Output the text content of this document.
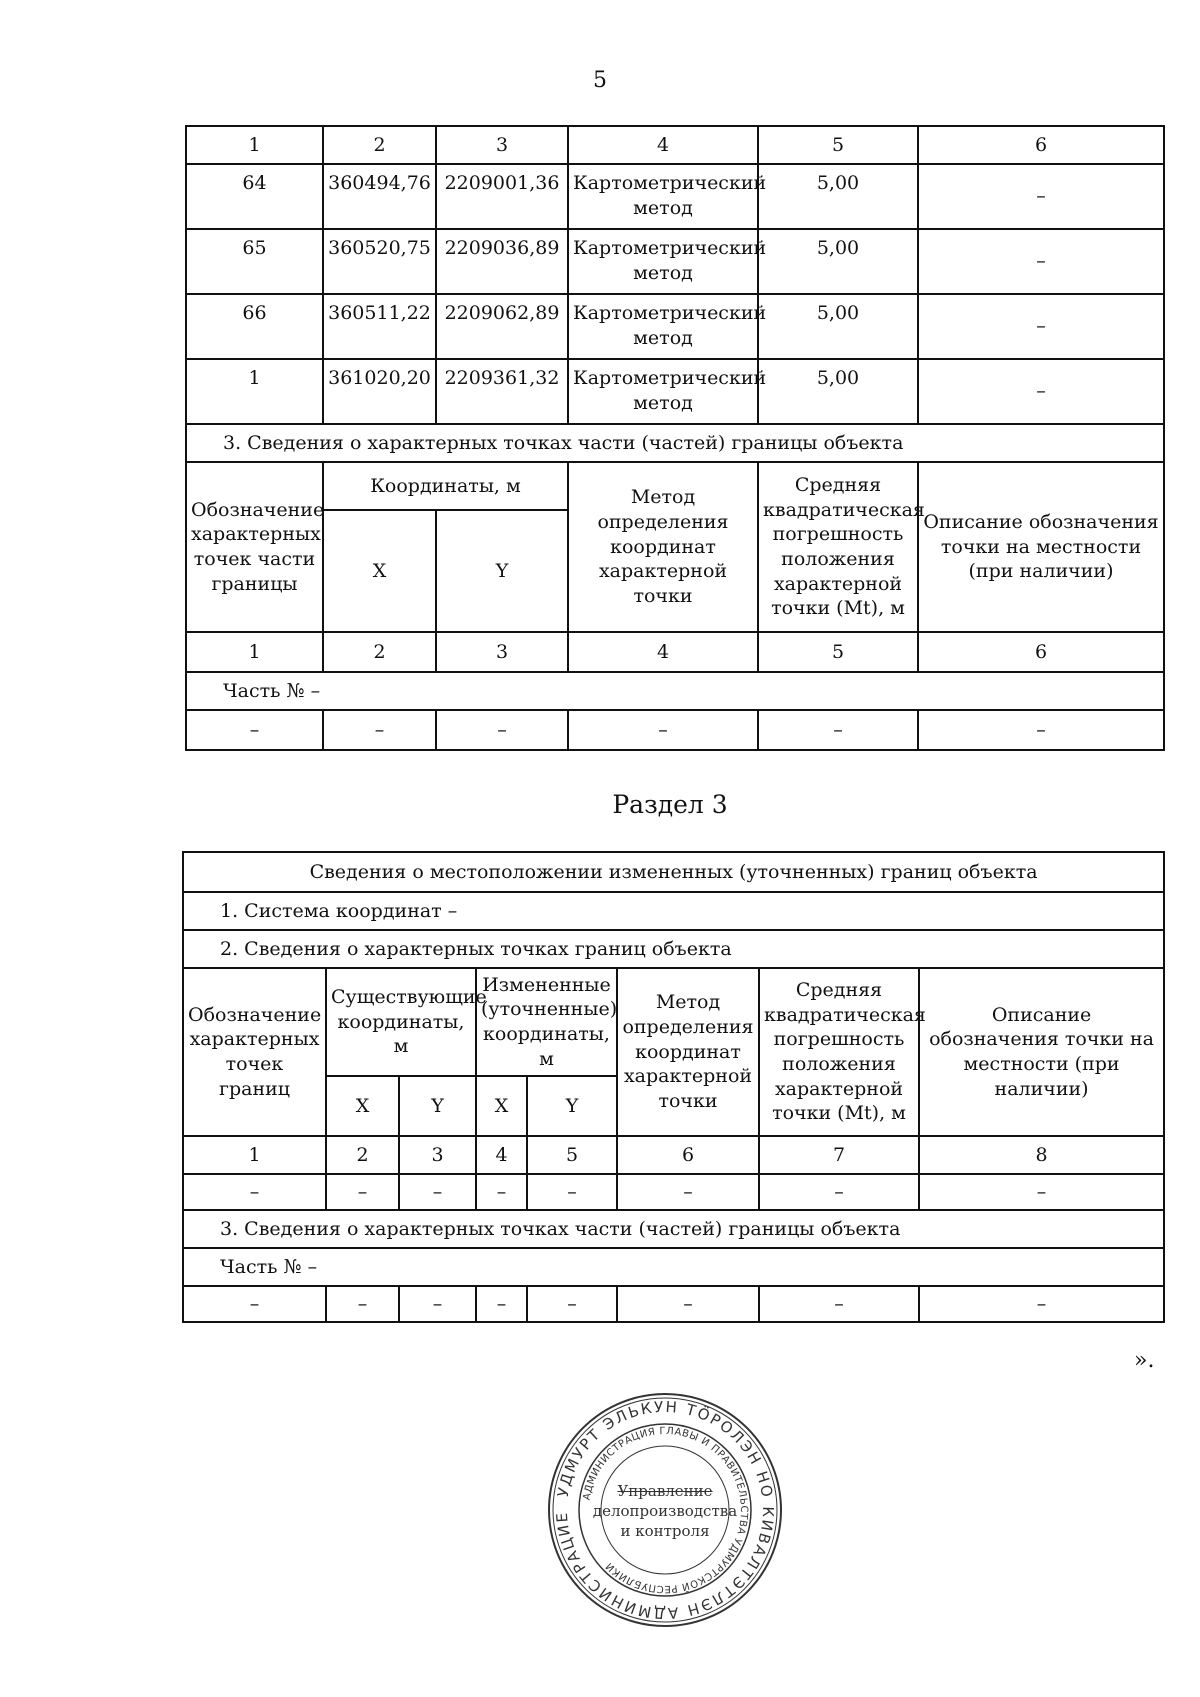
5
1	2	3	4	5	6
64	360494,76	2209001,36	Картометрический метод	5,00	–
65	360520,75	2209036,89	Картометрический метод	5,00	–
66	360511,22	2209062,89	Картометрический метод	5,00	–
1	361020,20	2209361,32	Картометрический метод	5,00	–
3. Сведения о характерных точках части (частей) границы объекта					
Обозначение характерных точек части границы	Координаты, м		Метод определения координат характерной точки	Средняя квадратическая погрешность положения характерной точки (Mt), м	Описание обозначения точки на местности (при наличии)
	X	Y			
1	2	3	4	5	6
Часть № –					
–	–	–	–	–	–
Раздел 3
Сведения о местоположении измененных (уточненных) границ объекта							
1. Система координат –							
2. Сведения о характерных точках границ объекта							
Обозначение характерных точек границ	Существующие координаты, м		Измененные (уточненные) координаты, м		Метод определения координат характерной точки	Средняя квадратическая погрешность положения характерной точки (Mt), м	Описание обозначения точки на местности (при наличии)
	X	Y	X	Y			
1	2	3	4	5	6	7	8
–	–	–	–	–	–	–	–
3. Сведения о характерных точках части (частей) границы объекта							
Часть № –							
–	–	–	–	–	–	–	–
».
УДМУРТ ЭЛЬКУН ТӦРОЛЭН НО КИВАЛТЭТЛЭН АДМИНИСТРАЦИЕ
АДМИНИСТРАЦИЯ ГЛАВЫ И ПРАВИТЕЛЬСТВА УДМУРТСКОЙ РЕСПУБЛИКИ
Управление
делопроизводства
и контроля
